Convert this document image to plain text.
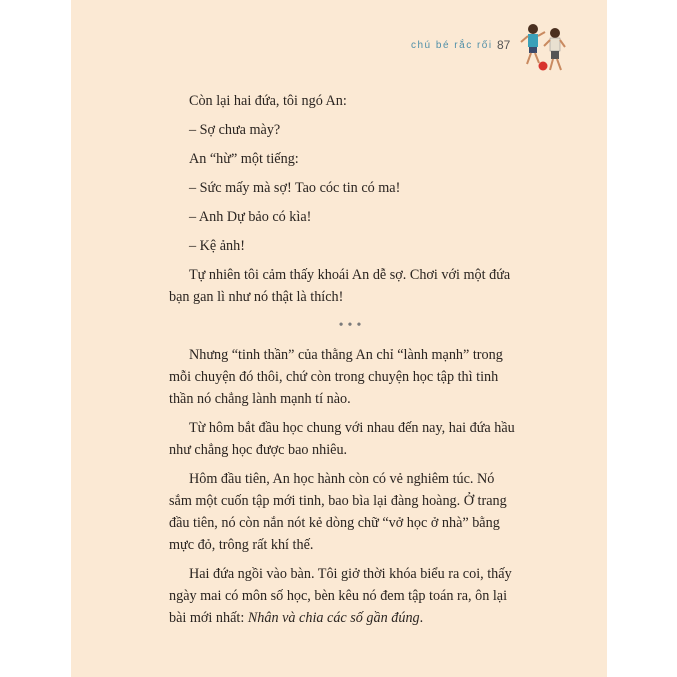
chú bé rắc rối 87

Còn lại hai đứa, tôi ngó An:

– Sợ chưa mày?

An “hừ” một tiếng:

– Sức mấy mà sợ! Tao cóc tin có ma!

– Anh Dự bảo có kìa!

– Kệ ảnh!

Tự nhiên tôi cảm thấy khoái An dễ sợ. Chơi với một đứa bạn gan lì như nó thật là thích!

•••

Nhưng “tinh thần” của thằng An chỉ “lành mạnh” trong mỗi chuyện đó thôi, chứ còn trong chuyện học tập thì tinh thần nó chẳng lành mạnh tí nào.

Từ hôm bắt đầu học chung với nhau đến nay, hai đứa hầu như chẳng học được bao nhiêu.

Hôm đầu tiên, An học hành còn có vẻ nghiêm túc. Nó sắm một cuốn tập mới tinh, bao bìa lại đàng hoàng. Ở trang đầu tiên, nó còn nắn nót kẻ dòng chữ “vở học ở nhà” bằng mực đỏ, trông rất khí thế.

Hai đứa ngồi vào bàn. Tôi giở thời khóa biểu ra coi, thấy ngày mai có môn số học, bèn kêu nó đem tập toán ra, ôn lại bài mới nhất: Nhân và chia các số gần đúng.
